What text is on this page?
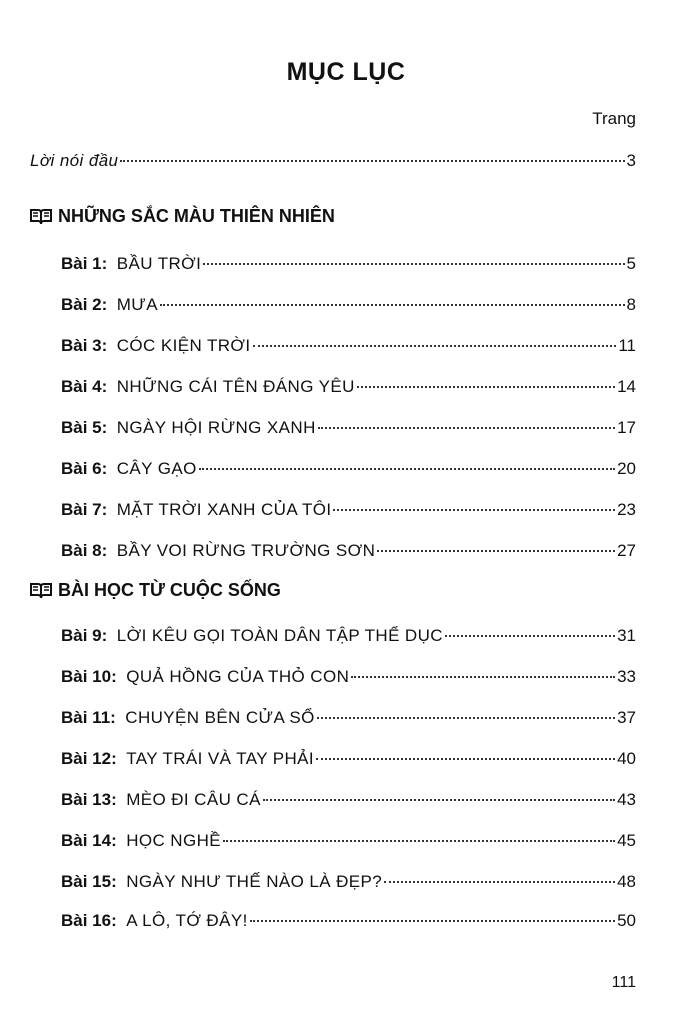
MỤC LỤC
Trang
Lời nói đầu	3
NHỮNG SẮC MÀU THIÊN NHIÊN
Bài 1: BẦU TRỜI	5
Bài 2: MƯA	8
Bài 3: CÓC KIỆN TRỜI	11
Bài 4: NHỮNG CÁI TÊN ĐÁNG YÊU	14
Bài 5: NGÀY HỘI RỪNG XANH	17
Bài 6: CÂY GẠO	20
Bài 7: MẶT TRỜI XANH CỦA TÔI	23
Bài 8: BẦY VOI RỪNG TRƯỜNG SƠN	27
BÀI HỌC TỪ CUỘC SỐNG
Bài 9: LỜI KÊU GỌI TOÀN DÂN TẬP THỂ DỤC	31
Bài 10: QUẢ HỒNG CỦA THỎ CON	33
Bài 11: CHUYỆN BÊN CỬA SỔ	37
Bài 12: TAY TRÁI VÀ TAY PHẢI	40
Bài 13: MÈO ĐI CÂU CÁ	43
Bài 14: HỌC NGHỀ	45
Bài 15: NGÀY NHƯ THẾ NÀO LÀ ĐẸP?	48
Bài 16: A LÔ, TỚ ĐÂY!	50
111
